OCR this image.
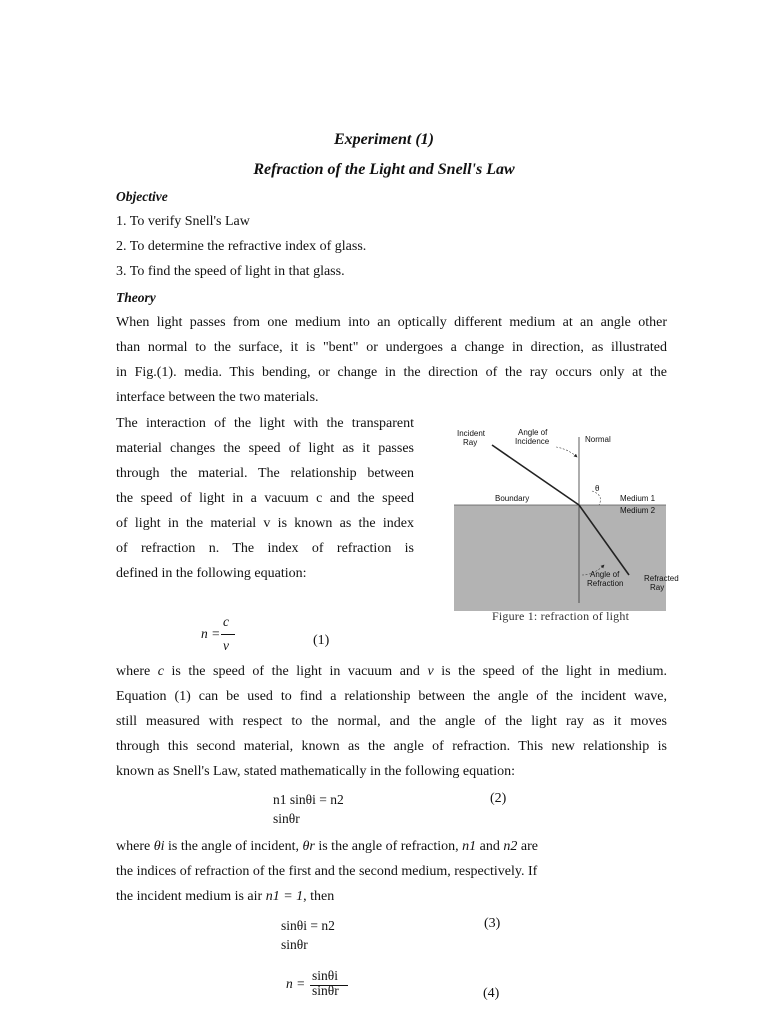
Experiment (1)
Refraction of the Light and Snell's Law
Objective
1. To verify Snell's Law
2. To determine the refractive index of glass.
3. To find the speed of light in that glass.
Theory
When light passes from one medium into an optically different medium at an angle other
than normal to the surface, it is "bent" or undergoes a change in direction, as illustrated
in Fig.(1). media. This bending, or change in the direction of the ray occurs only at the
interface between the two materials.
The interaction of the light with the transparent
material changes the speed of light as it passes
through the material. The relationship between
the speed of light in a vacuum c and the speed
of light in the material v is known as the index
of refraction n. The index of refraction is
defined in the following equation:
Incident
Ray
Angle of
Incidence	Normal
Boundary	Medium 1
Medium 2
θ
Angle of
Refraction
Refracted
Ray
Figure 1: refraction of light
c
n =
v	(1)
where c is the speed of the light in vacuum and v is the speed of the light in medium.
Equation (1) can be used to find a relationship between the angle of the incident wave,
still measured with respect to the normal, and the angle of the light ray as it moves
through this second material, known as the angle of refraction. This new relationship is
known as Snell's Law, stated mathematically in the following equation:
n1 sinθi = n2
sinθr
(2)
where θi is the angle of incident, θr is the angle of refraction, n1 and n2 are
the indices of refraction of the first and the second medium, respectively. If
the incident medium is air n1 = 1, then
sinθi = n2
sinθr
(3)
sinθi
n = sinθr	(4)
